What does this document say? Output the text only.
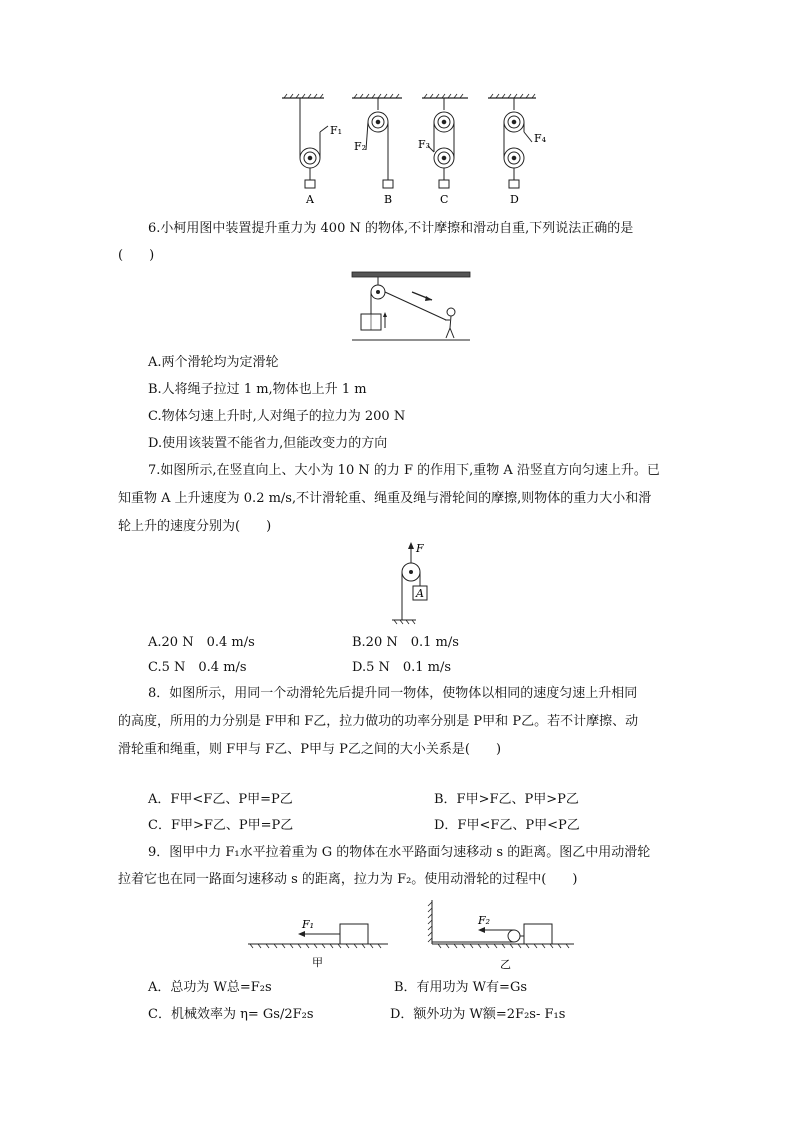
F₁
F₂	F₃	F₄
A	B	C	D
6.小柯用图中装置提升重力为 400 N 的物体,不计摩擦和滑动自重,下列说法正确的是
(　　)
A.两个滑轮均为定滑轮
B.人将绳子拉过 1 m,物体也上升 1 m
C.物体匀速上升时,人对绳子的拉力为 200 N
D.使用该装置不能省力,但能改变力的方向
7.如图所示,在竖直向上、大小为 10 N 的力 F 的作用下,重物 A 沿竖直方向匀速上升。已
知重物 A 上升速度为 0.2 m/s,不计滑轮重、绳重及绳与滑轮间的摩擦,则物体的重力大小和滑
轮上升的速度分别为(　　)
F
A
A.20 N　0.4 m/s	B.20 N　0.1 m/s
C.5 N　0.4 m/s	D.5 N　0.1 m/s
8．如图所示，用同一个动滑轮先后提升同一物体，使物体以相同的速度匀速上升相同
的高度，所用的力分别是 F甲和 F乙，拉力做功的功率分别是 P甲和 P乙。若不计摩擦、动
滑轮重和绳重，则 F甲与 F乙、P甲与 P乙之间的大小关系是(　　)
A．F甲<F乙、P甲=P乙	B．F甲>F乙、P甲>P乙
C．F甲>F乙、P甲=P乙	D．F甲<F乙、P甲<P乙
9．图甲中力 F₁水平拉着重为 G 的物体在水平路面匀速移动 s 的距离。图乙中用动滑轮
拉着它也在同一路面匀速移动 s 的距离，拉力为 F₂。使用动滑轮的过程中(　　)
F₁
甲
F₂
乙
A．总功为 W总=F₂s	B．有用功为 W有=Gs
C．机械效率为 η= Gs/2F₂s	D．额外功为 W额=2F₂s- F₁s
